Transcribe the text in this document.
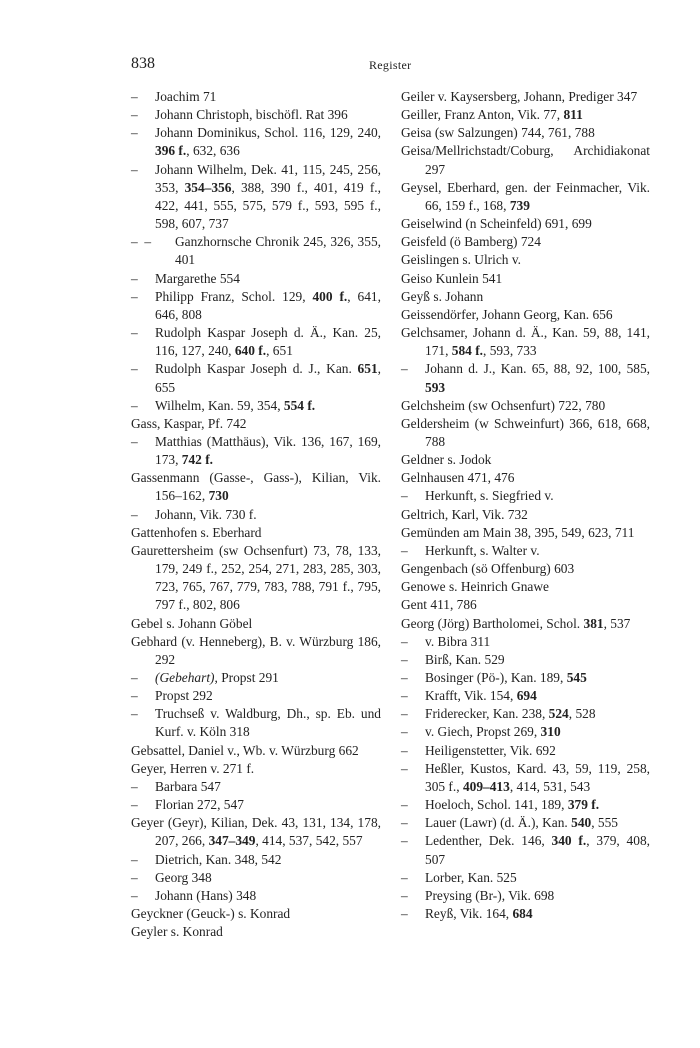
838	Register
– Joachim 71
– Johann Christoph, bischöfl. Rat 396
– Johann Dominikus, Schol. 116, 129, 240, 396 f., 632, 636
– Johann Wilhelm, Dek. 41, 115, 245, 256, 353, 354–356, 388, 390 f., 401, 419 f., 422, 441, 555, 575, 579 f., 593, 595 f., 598, 607, 737
–  – Ganzhornsche Chronik 245, 326, 355, 401
– Margarethe 554
– Philipp Franz, Schol. 129, 400 f., 641, 646, 808
– Rudolph Kaspar Joseph d. Ä., Kan. 25, 116, 127, 240, 640 f., 651
– Rudolph Kaspar Joseph d. J., Kan. 651, 655
– Wilhelm, Kan. 59, 354, 554 f.
Gass, Kaspar, Pf. 742
– Matthias (Matthäus), Vik. 136, 167, 169, 173, 742 f.
Gassenmann (Gasse-, Gass-), Kilian, Vik. 156–162, 730
– Johann, Vik. 730 f.
Gattenhofen s. Eberhard
Gaurettersheim (sw Ochsenfurt) 73, 78, 133, 179, 249 f., 252, 254, 271, 283, 285, 303, 723, 765, 767, 779, 783, 788, 791 f., 795, 797 f., 802, 806
Gebel s. Johann Göbel
Gebhard (v. Henneberg), B. v. Würzburg 186, 292
– (Gebehart), Propst 291
– Propst 292
– Truchseß v. Waldburg, Dh., sp. Eb. und Kurf. v. Köln 318
Gebsattel, Daniel v., Wb. v. Würzburg 662
Geyer, Herren v. 271 f.
– Barbara 547
– Florian 272, 547
Geyer (Geyr), Kilian, Dek. 43, 131, 134, 178, 207, 266, 347–349, 414, 537, 542, 557
– Dietrich, Kan. 348, 542
– Georg 348
– Johann (Hans) 348
Geyckner (Geuck-) s. Konrad
Geyler s. Konrad
Geiler v. Kaysersberg, Johann, Prediger 347
Geiller, Franz Anton, Vik. 77, 811
Geisa (sw Salzungen) 744, 761, 788
Geisa/Mellrichstadt/Coburg, Archidiakonat 297
Geysel, Eberhard, gen. der Feinmacher, Vik. 66, 159 f., 168, 739
Geiselwind (n Scheinfeld) 691, 699
Geisfeld (ö Bamberg) 724
Geislingen s. Ulrich v.
Geiso Kunlein 541
Geyß s. Johann
Geissendörfer, Johann Georg, Kan. 656
Gelchsamer, Johann d. Ä., Kan. 59, 88, 141, 171, 584 f., 593, 733
– Johann d. J., Kan. 65, 88, 92, 100, 585, 593
Gelchsheim (sw Ochsenfurt) 722, 780
Geldersheim (w Schweinfurt) 366, 618, 668, 788
Geldner s. Jodok
Gelnhausen 471, 476
– Herkunft, s. Siegfried v.
Geltrich, Karl, Vik. 732
Gemünden am Main 38, 395, 549, 623, 711
– Herkunft, s. Walter v.
Gengenbach (sö Offenburg) 603
Genowe s. Heinrich Gnawe
Gent 411, 786
Georg (Jörg) Bartholomei, Schol. 381, 537
– v. Bibra 311
– Birß, Kan. 529
– Bosinger (Pö-), Kan. 189, 545
– Krafft, Vik. 154, 694
– Friderecker, Kan. 238, 524, 528
– v. Giech, Propst 269, 310
– Heiligenstetter, Vik. 692
– Heßler, Kustos, Kard. 43, 59, 119, 258, 305 f., 409–413, 414, 531, 543
– Hoeloch, Schol. 141, 189, 379 f.
– Lauer (Lawr) (d. Ä.), Kan. 540, 555
– Ledenther, Dek. 146, 340 f., 379, 408, 507
– Lorber, Kan. 525
– Preysing (Br-), Vik. 698
– Reyß, Vik. 164, 684
